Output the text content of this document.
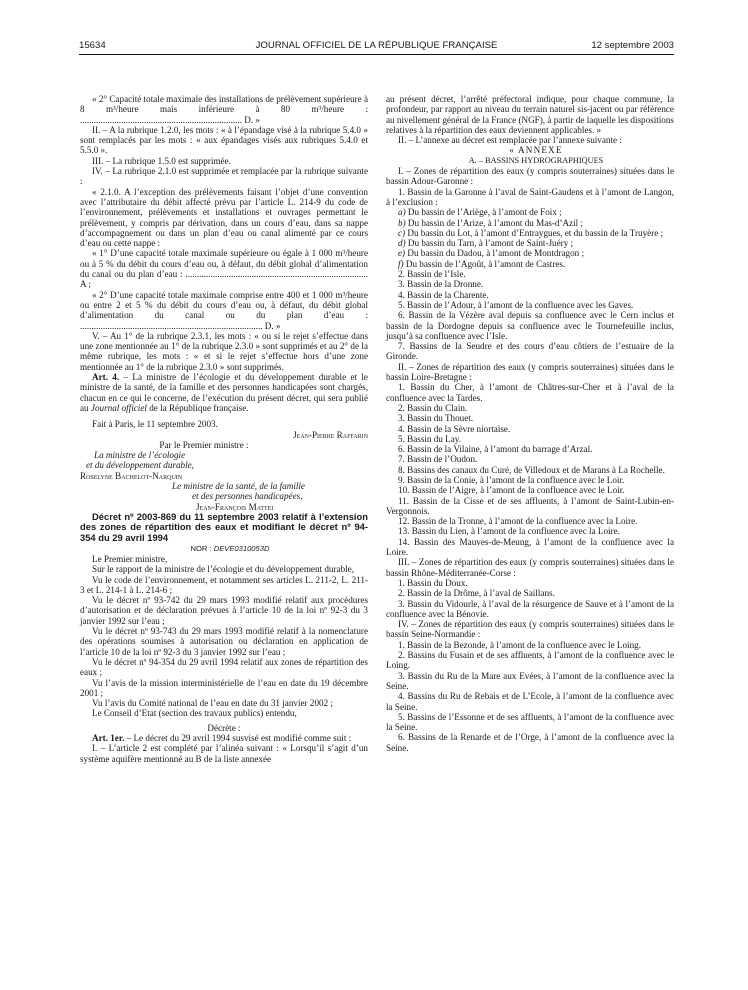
15634	JOURNAL OFFICIEL DE LA RÉPUBLIQUE FRANÇAISE	12 septembre 2003

« 2° Capacité totale maximale des installations de prélèvement supérieure à 8 m³/heure mais inférieure à 80 m³/heure : ....................................................................... D. »

II. – A la rubrique 1.2.0, les mots : « à l’épandage visé à la rubrique 5.4.0 » sont remplacés par les mots : « aux épandages visés aux rubriques 5.4.0 et 5.5.0 ».

III. – La rubrique 1.5.0 est supprimée.

IV. – La rubrique 2.1.0 est supprimée et remplacée par la rubrique suivante :

« 2.1.0. A l’exception des prélèvements faisant l’objet d’une convention avec l’attributaire du débit affecté prévu par l’article L. 214-9 du code de l’environnement, prélèvements et installations et ouvrages permettant le prélèvement, y compris par dérivation, dans un cours d’eau, dans sa nappe d’accompagnement ou dans un plan d’eau ou canal alimenté par ce cours d’eau ou cette nappe :

« 1° D’une capacité totale maximale supérieure ou égale à 1 000 m³/heure ou à 5 % du débit du cours d’eau ou, à défaut, du débit global d’alimentation du canal ou du plan d’eau : ................................................................................ A ;

« 2° D’une capacité totale maximale comprise entre 400 et 1 000 m³/heure ou entre 2 et 5 % du débit du cours d’eau ou, à défaut, du débit global d’alimentation du canal ou du plan d’eau : ................................................................................ D. »

V. – Au 1° de la rubrique 2.3.1, les mots : « ou si le rejet s’effectue dans une zone mentionnée au 1° de la rubrique 2.3.0 » sont supprimés et au 2° de la même rubrique, les mots : « et si le rejet s’effectue hors d’une zone mentionnée au 1° de la rubrique 2.3.0 » sont supprimés.

Art. 4. – La ministre de l’écologie et du développement durable et le ministre de la santé, de la famille et des personnes handicapées sont chargés, chacun en ce qui le concerne, de l’exécution du présent décret, qui sera publié au Journal officiel de la République française.

Fait à Paris, le 11 septembre 2003.

Jean-Pierre Raffarin

Par le Premier ministre :

La ministre de l’écologie

et du développement durable,

Roselyne Bachelot-Narquin

Le ministre de la santé, de la famille

et des personnes handicapées,

Jean-François Mattei

Décret nº 2003-869 du 11 septembre 2003 relatif à l’extension des zones de répartition des eaux et modifiant le décret nº 94-354 du 29 avril 1994

NOR : DEVE0310053D

Le Premier ministre,

Sur le rapport de la ministre de l’écologie et du développement durable,

Vu le code de l’environnement, et notamment ses articles L. 211-2, L. 211-3 et L. 214-1 à L. 214-6 ;

Vu le décret nº 93-742 du 29 mars 1993 modifié relatif aux procédures d’autorisation et de déclaration prévues à l’article 10 de la loi nº 92-3 du 3 janvier 1992 sur l’eau ;

Vu le décret nº 93-743 du 29 mars 1993 modifié relatif à la nomenclature des opérations soumises à autorisation ou déclaration en application de l’article 10 de la loi nº 92-3 du 3 janvier 1992 sur l’eau ;

Vu le décret nº 94-354 du 29 avril 1994 relatif aux zones de répartition des eaux ;

Vu l’avis de la mission interministérielle de l’eau en date du 19 décembre 2001 ;

Vu l’avis du Comité national de l’eau en date du 31 janvier 2002 ;

Le Conseil d’Etat (section des travaux publics) entendu,

Décrète :

Art. 1er. – Le décret du 29 avril 1994 susvisé est modifié comme suit :

I. – L’article 2 est complété par l’alinéa suivant : « Lorsqu’il s’agit d’un système aquifère mentionné au B de la liste annexée

au présent décret, l’arrêté préfectoral indique, pour chaque commune, la profondeur, par rapport au niveau du terrain naturel sis-jacent ou par référence au nivellement général de la France (NGF), à partir de laquelle les dispositions relatives à la répartition des eaux deviennent applicables. »

II. – L’annexe au décret est remplacée par l’annexe suivante :

« ANNEXE

A. – BASSINS HYDROGRAPHIQUES

I. – Zones de répartition des eaux (y compris souterraines) situées dans le bassin Adour-Garonne :

1. Bassin de la Garonne à l’aval de Saint-Gaudens et à l’amont de Langon, à l’exclusion :

a) Du bassin de l’Ariège, à l’amont de Foix ;

b) Du bassin de l’Arize, à l’amont du Mas-d’Azil ;

c) Du bassin du Lot, à l’amont d’Entraygues, et du bassin de la Truyère ;

d) Du bassin du Tarn, à l’amont de Saint-Juéry ;

e) Du bassin du Dadou, à l’amont de Montdragon ;

f) Du bassin de l’Agoût, à l’amont de Castres.

2. Bassin de l’Isle.

3. Bassin de la Dronne.

4. Bassin de la Charente.

5. Bassin de l’Adour, à l’amont de la confluence avec les Gaves.

6. Bassin de la Vézère aval depuis sa confluence avec le Cern inclus et bassin de la Dordogne depuis sa confluence avec le Tournefeuille inclus, jusqu’à sa confluence avec l’Isle.

7. Bassins de la Seudre et des cours d’eau côtiers de l’estuaire de la Gironde.

II. – Zones de répartition des eaux (y compris souterraines) situées dans le bassin Loire-Bretagne :

1. Bassin du Cher, à l’amont de Châtres-sur-Cher et à l’aval de la confluence avec la Tardes.

2. Bassin du Clain.

3. Bassin du Thouet.

4. Bassin de la Sèvre niortaise.

5. Bassin du Lay.

6. Bassin de la Vilaine, à l’amont du barrage d’Arzal.

7. Bassin de l’Oudon.

8. Bassins des canaux du Curé, de Villedoux et de Marans à La Rochelle.

9. Bassin de la Conie, à l’amont de la confluence avec le Loir.

10. Bassin de l’Aigre, à l’amont de la confluence avec le Loir.

11. Bassin de la Cisse et de ses affluents, à l’amont de Saint-Lubin-en-Vergonnois.

12. Bassin de la Tronne, à l’amont de la confluence avec la Loire.

13. Bassin du Lien, à l’amont de la confluence avec la Loire.

14. Bassin des Mauves-de-Meung, à l’amont de la confluence avec la Loire.

III. – Zones de répartition des eaux (y compris souterraines) situées dans le bassin Rhône-Méditerranée-Corse :

1. Bassin du Doux.

2. Bassin de la Drôme, à l’aval de Saillans.

3. Bassin du Vidourle, à l’aval de la résurgence de Sauve et à l’amont de la confluence avec la Bénovie.

IV. – Zones de répartition des eaux (y compris souterraines) situées dans le bassin Seine-Normandie :

1. Bassin de la Bezonde, à l’amont de la confluence avec le Loing.

2. Bassins du Fusain et de ses affluents, à l’amont de la confluence avec le Loing.

3. Bassin du Ru de la Mare aux Evées, à l’amont de la confluence avec la Seine.

4. Bassins du Ru de Rebais et de L’Ecole, à l’amont de la confluence avec la Seine.

5. Bassins de l’Essonne et de ses affluents, à l’amont de la confluence avec la Seine.

6. Bassins de la Renarde et de l’Orge, à l’amont de la confluence avec la Seine.
